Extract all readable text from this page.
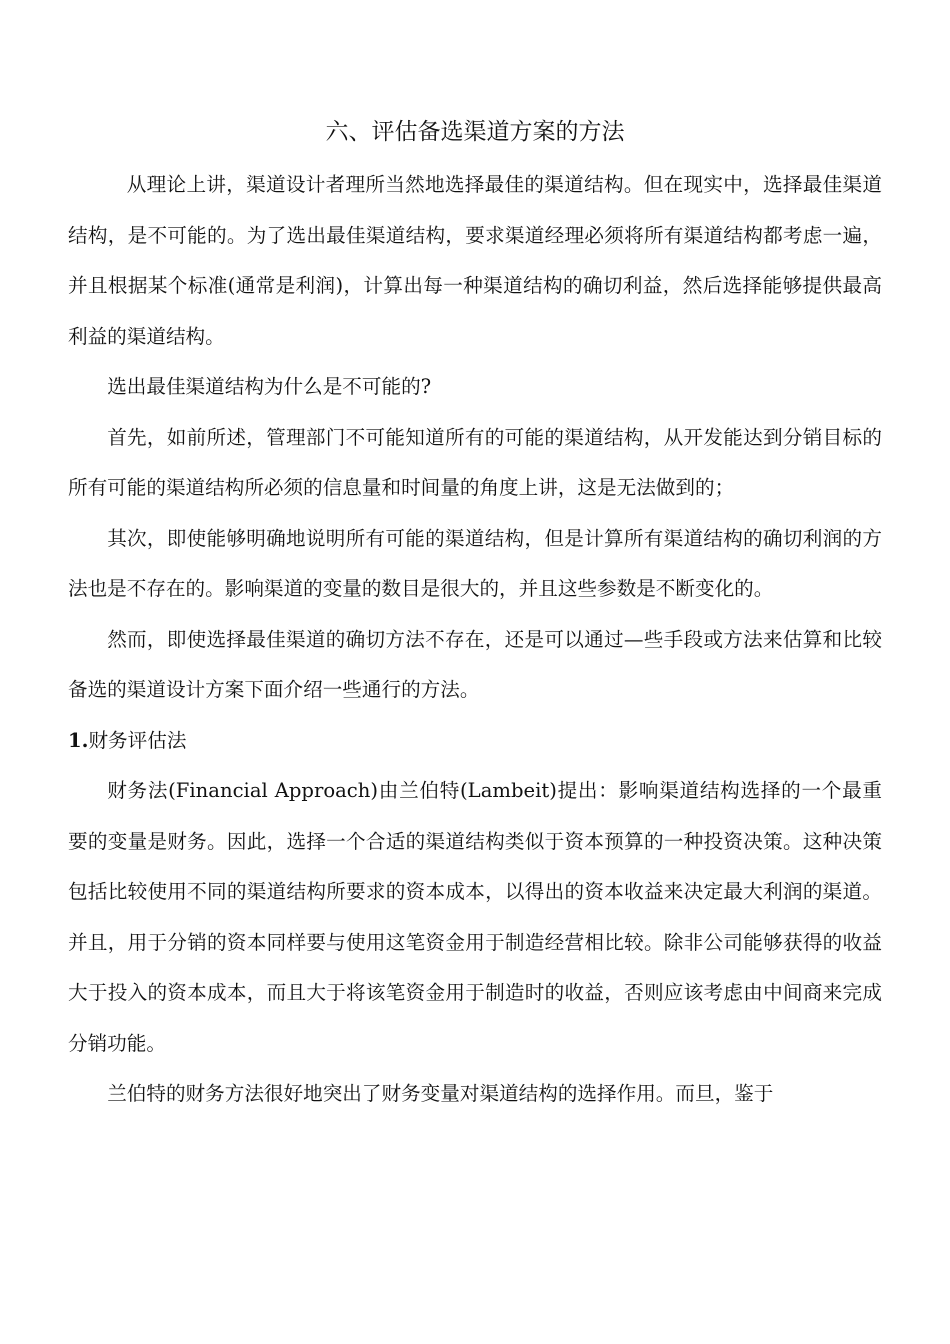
六、评估备选渠道方案的方法

从理论上讲，渠道设计者理所当然地选择最佳的渠道结构。但在现实中，选择最佳渠道结构，是不可能的。为了选出最佳渠道结构，要求渠道经理必须将所有渠道结构都考虑一遍，并且根据某个标准(通常是利润)，计算出每一种渠道结构的确切利益，然后选择能够提供最高利益的渠道结构。

选出最佳渠道结构为什么是不可能的?

首先，如前所述，管理部门不可能知道所有的可能的渠道结构，从开发能达到分销目标的所有可能的渠道结构所必须的信息量和时间量的角度上讲，这是无法做到的；

其次，即使能够明确地说明所有可能的渠道结构，但是计算所有渠道结构的确切利润的方法也是不存在的。影响渠道的变量的数目是很大的，并且这些参数是不断变化的。

然而，即使选择最佳渠道的确切方法不存在，还是可以通过—些手段或方法来估算和比较备选的渠道设计方案下面介绍一些通行的方法。

1.财务评估法

财务法(Financial Approach)由兰伯特(Lambeit)提出：影响渠道结构选择的一个最重要的变量是财务。因此，选择一个合适的渠道结构类似于资本预算的一种投资决策。这种决策包括比较使用不同的渠道结构所要求的资本成本，以得出的资本收益来决定最大利润的渠道。并且，用于分销的资本同样要与使用这笔资金用于制造经营相比较。除非公司能够获得的收益大于投入的资本成本，而且大于将该笔资金用于制造时的收益，否则应该考虑由中间商来完成分销功能。

兰伯特的财务方法很好地突出了财务变量对渠道结构的选择作用。而旦，鉴于
